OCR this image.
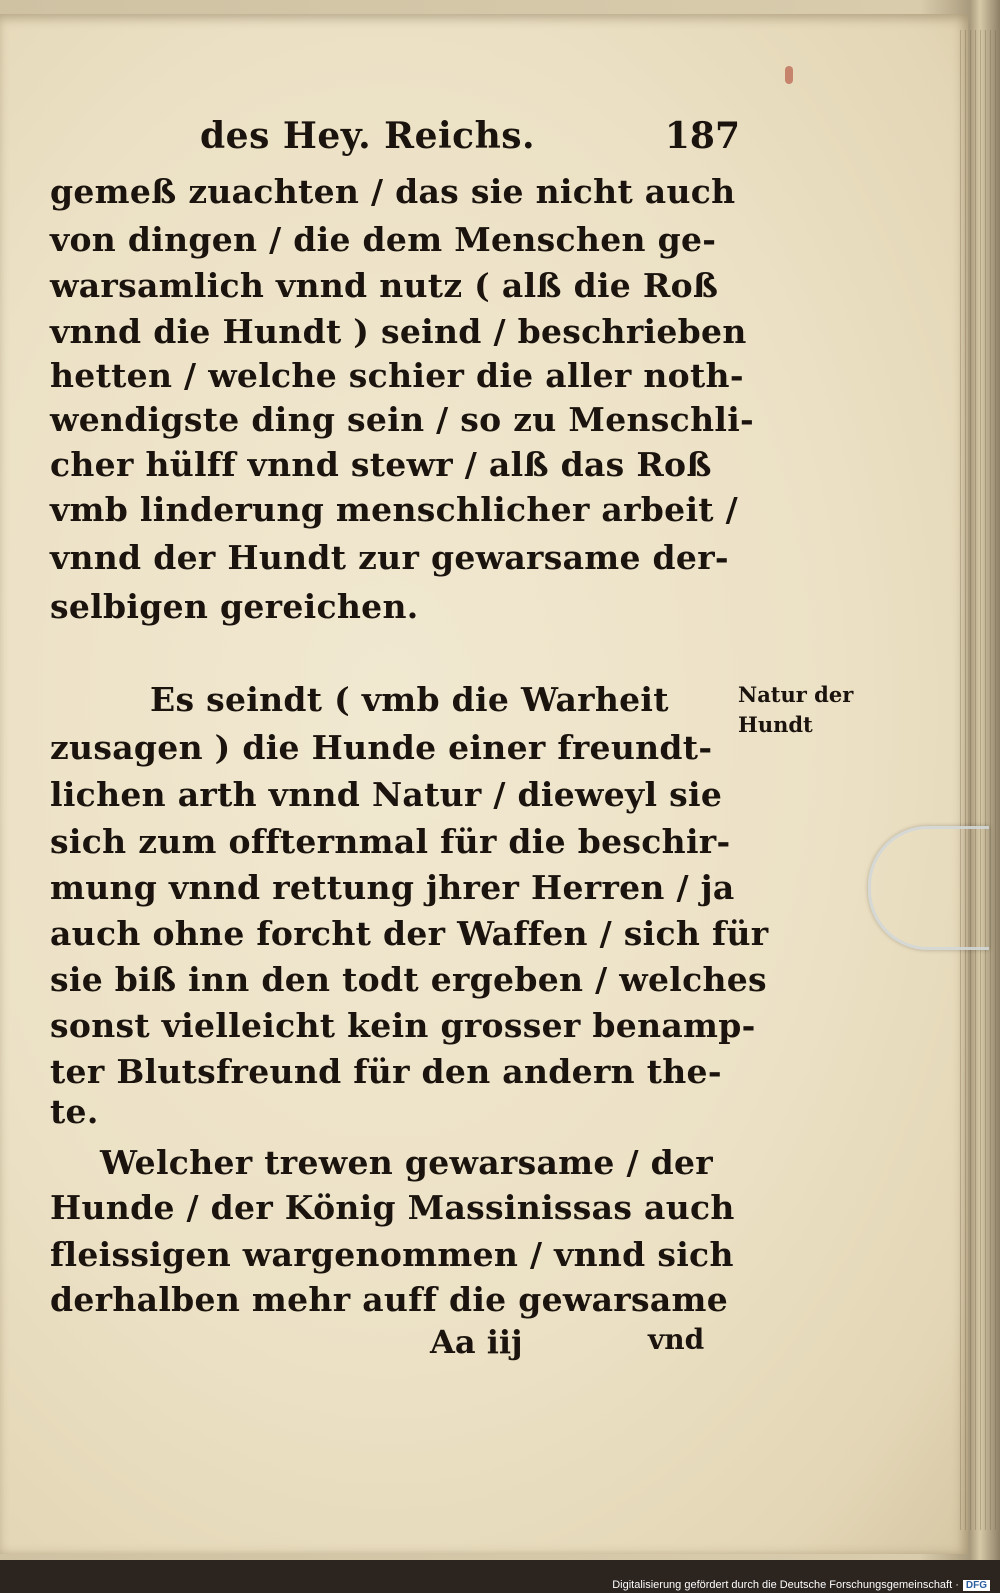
des Hey. Reichs.	187
gemeß zuachten / das sie nicht auch
von dingen / die dem Menschen ge-
warsamlich vnnd nutz ( alß die Roß
vnnd die Hundt ) seind / beschrieben
hetten / welche schier die aller noth-
wendigste ding sein / so zu Menschli-
cher hülff vnnd stewr / alß das Roß
vmb linderung menschlicher arbeit /
vnnd der Hundt zur gewarsame der-
selbigen gereichen.
Es seindt ( vmb die Warheit
zusagen ) die Hunde einer freundt-
lichen arth vnnd Natur / dieweyl sie
sich zum offternmal für die beschir-
mung vnnd rettung jhrer Herren / ja
auch ohne forcht der Waffen / sich für
sie biß inn den todt ergeben / welches
sonst vielleicht kein grosser benamp-
ter Blutsfreund für den andern the-
te.
Welcher trewen gewarsame / der
Hunde / der König Massinissas auch
fleissigen wargenommen / vnnd sich
derhalben mehr auff die gewarsame
Natur der
Hundt
Aa iij	vnd
Digitalisierung gefördert durch die Deutsche Forschungsgemeinschaft · DFG
